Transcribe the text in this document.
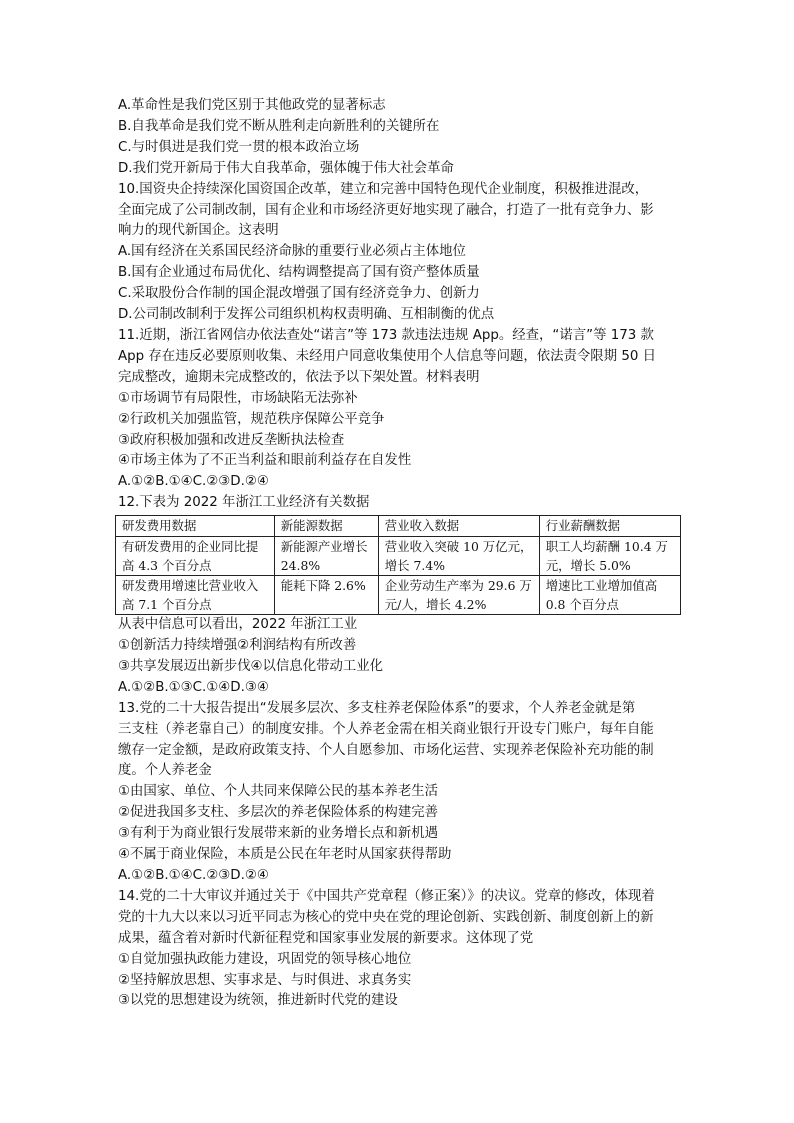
A.革命性是我们党区别于其他政党的显著标志
B.自我革命是我们党不断从胜利走向新胜利的关键所在
C.与时俱进是我们党一贯的根本政治立场
D.我们党开新局于伟大自我革命，强体魄于伟大社会革命
10.国资央企持续深化国资国企改革，建立和完善中国特色现代企业制度，积极推进混改，
全面完成了公司制改制，国有企业和市场经济更好地实现了融合，打造了一批有竞争力、影
响力的现代新国企。这表明
A.国有经济在关系国民经济命脉的重要行业必须占主体地位
B.国有企业通过布局优化、结构调整提高了国有资产整体质量
C.采取股份合作制的国企混改增强了国有经济竞争力、创新力
D.公司制改制利于发挥公司组织机构权责明确、互相制衡的优点
11.近期，浙江省网信办依法查处“诺言”等 173 款违法违规 App。经查，“诺言”等 173 款
App 存在违反必要原则收集、未经用户同意收集使用个人信息等问题，依法责令限期 50 日
完成整改，逾期未完成整改的，依法予以下架处置。材料表明
①市场调节有局限性，市场缺陷无法弥补
②行政机关加强监管，规范秩序保障公平竞争
③政府积极加强和改进反垄断执法检查
④市场主体为了不正当利益和眼前利益存在自发性
A.①②B.①④C.②③D.②④
12.下表为 2022 年浙江工业经济有关数据
研发费用数据	新能源数据	营业收入数据	行业薪酬数据
有研发费用的企业同比提高 4.3 个百分点	新能源产业增长 24.8%	营业收入突破 10 万亿元，增长 7.4%	职工人均薪酬 10.4 万元，增长 5.0%
研发费用增速比营业收入高 7.1 个百分点	能耗下降 2.6%	企业劳动生产率为 29.6 万元/人，增长 4.2%	增速比工业增加值高 0.8 个百分点
从表中信息可以看出，2022 年浙江工业
①创新活力持续增强②利润结构有所改善
③共享发展迈出新步伐④以信息化带动工业化
A.①②B.①③C.①④D.③④
13.党的二十大报告提出“发展多层次、多支柱养老保险体系”的要求，个人养老金就是第
三支柱（养老靠自己）的制度安排。个人养老金需在相关商业银行开设专门账户，每年自能
缴存一定金额，是政府政策支持、个人自愿参加、市场化运营、实现养老保险补充功能的制
度。个人养老金
①由国家、单位、个人共同来保障公民的基本养老生活
②促进我国多支柱、多层次的养老保险体系的构建完善
③有利于为商业银行发展带来新的业务增长点和新机遇
④不属于商业保险，本质是公民在年老时从国家获得帮助
A.①②B.①④C.②③D.②④
14.党的二十大审议并通过关于《中国共产党章程（修正案）》的决议。党章的修改，体现着
党的十九大以来以习近平同志为核心的党中央在党的理论创新、实践创新、制度创新上的新
成果，蕴含着对新时代新征程党和国家事业发展的新要求。这体现了党
①自觉加强执政能力建设，巩固党的领导核心地位
②坚持解放思想、实事求是、与时俱进、求真务实
③以党的思想建设为统领，推进新时代党的建设
